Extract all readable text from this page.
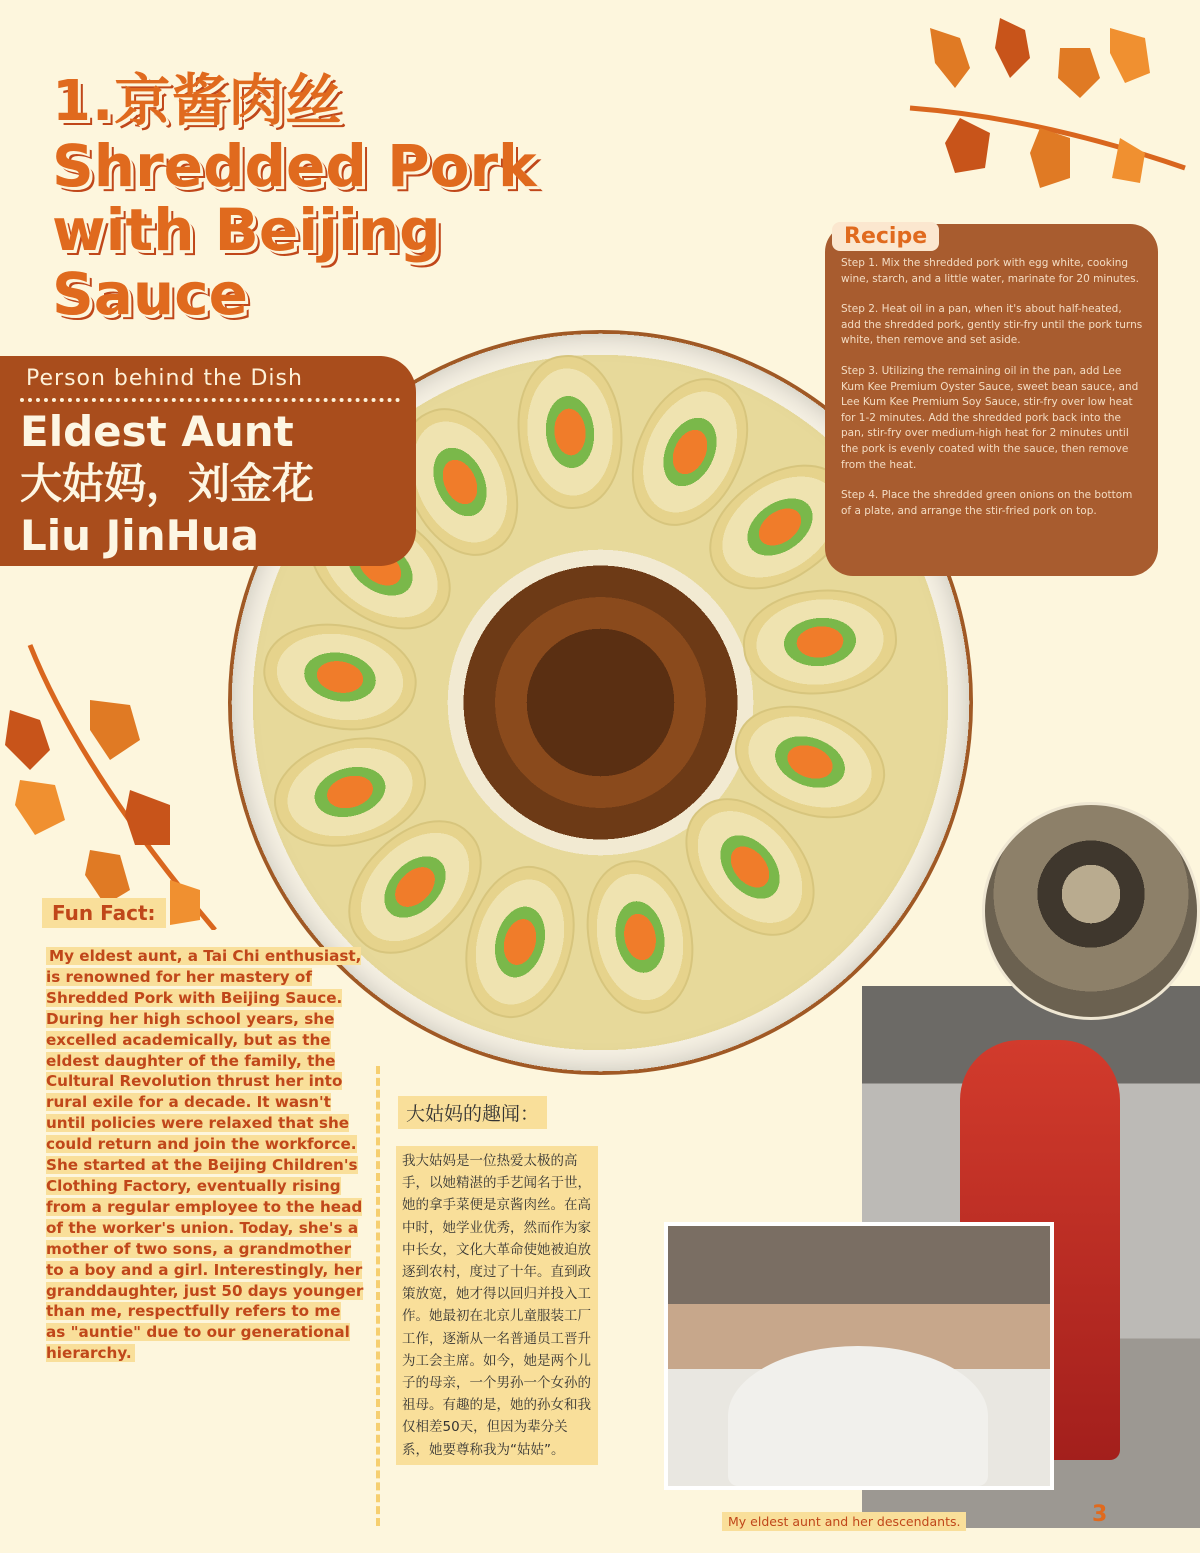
1.京酱肉丝
Shredded Pork
with Beijing
Sauce
Person behind the Dish
Eldest Aunt
大姑妈，刘金花
Liu JinHua
Recipe

Step 1. Mix the shredded pork with egg white, cooking wine, starch, and a little water, marinate for 20 minutes.

Step 2. Heat oil in a pan, when it's about half-heated, add the shredded pork, gently stir-fry until the pork turns white, then remove and set aside.

Step 3. Utilizing the remaining oil in the pan, add Lee Kum Kee Premium Oyster Sauce, sweet bean sauce, and Lee Kum Kee Premium Soy Sauce, stir-fry over low heat for 1-2 minutes. Add the shredded pork back into the pan, stir-fry over medium-high heat for 2 minutes until the pork is evenly coated with the sauce, then remove from the heat.

Step 4. Place the shredded green onions on the bottom of a plate, and arrange the stir-fried pork on top.

Fun Fact:
My eldest aunt, a Tai Chi enthusiast, is renowned for her mastery of Shredded Pork with Beijing Sauce. During her high school years, she excelled academically, but as the eldest daughter of the family, the Cultural Revolution thrust her into rural exile for a decade. It wasn't until policies were relaxed that she could return and join the workforce. She started at the Beijing Children's Clothing Factory, eventually rising from a regular employee to the head of the worker's union. Today, she's a mother of two sons, a grandmother to a boy and a girl. Interestingly, her granddaughter, just 50 days younger than me, respectfully refers to me as "auntie" due to our generational hierarchy.
大姑妈的趣闻：
我大姑妈是一位热爱太极的高手，以她精湛的手艺闻名于世，她的拿手菜便是京酱肉丝。在高中时，她学业优秀，然而作为家中长女，文化大革命使她被迫放逐到农村，度过了十年。直到政策放宽，她才得以回归并投入工作。她最初在北京儿童服装工厂工作，逐渐从一名普通员工晋升为工会主席。如今，她是两个儿子的母亲，一个男孙一个女孙的祖母。有趣的是，她的孙女和我仅相差50天，但因为辈分关系，她要尊称我为“姑姑”。
My eldest aunt and her descendants.	3
